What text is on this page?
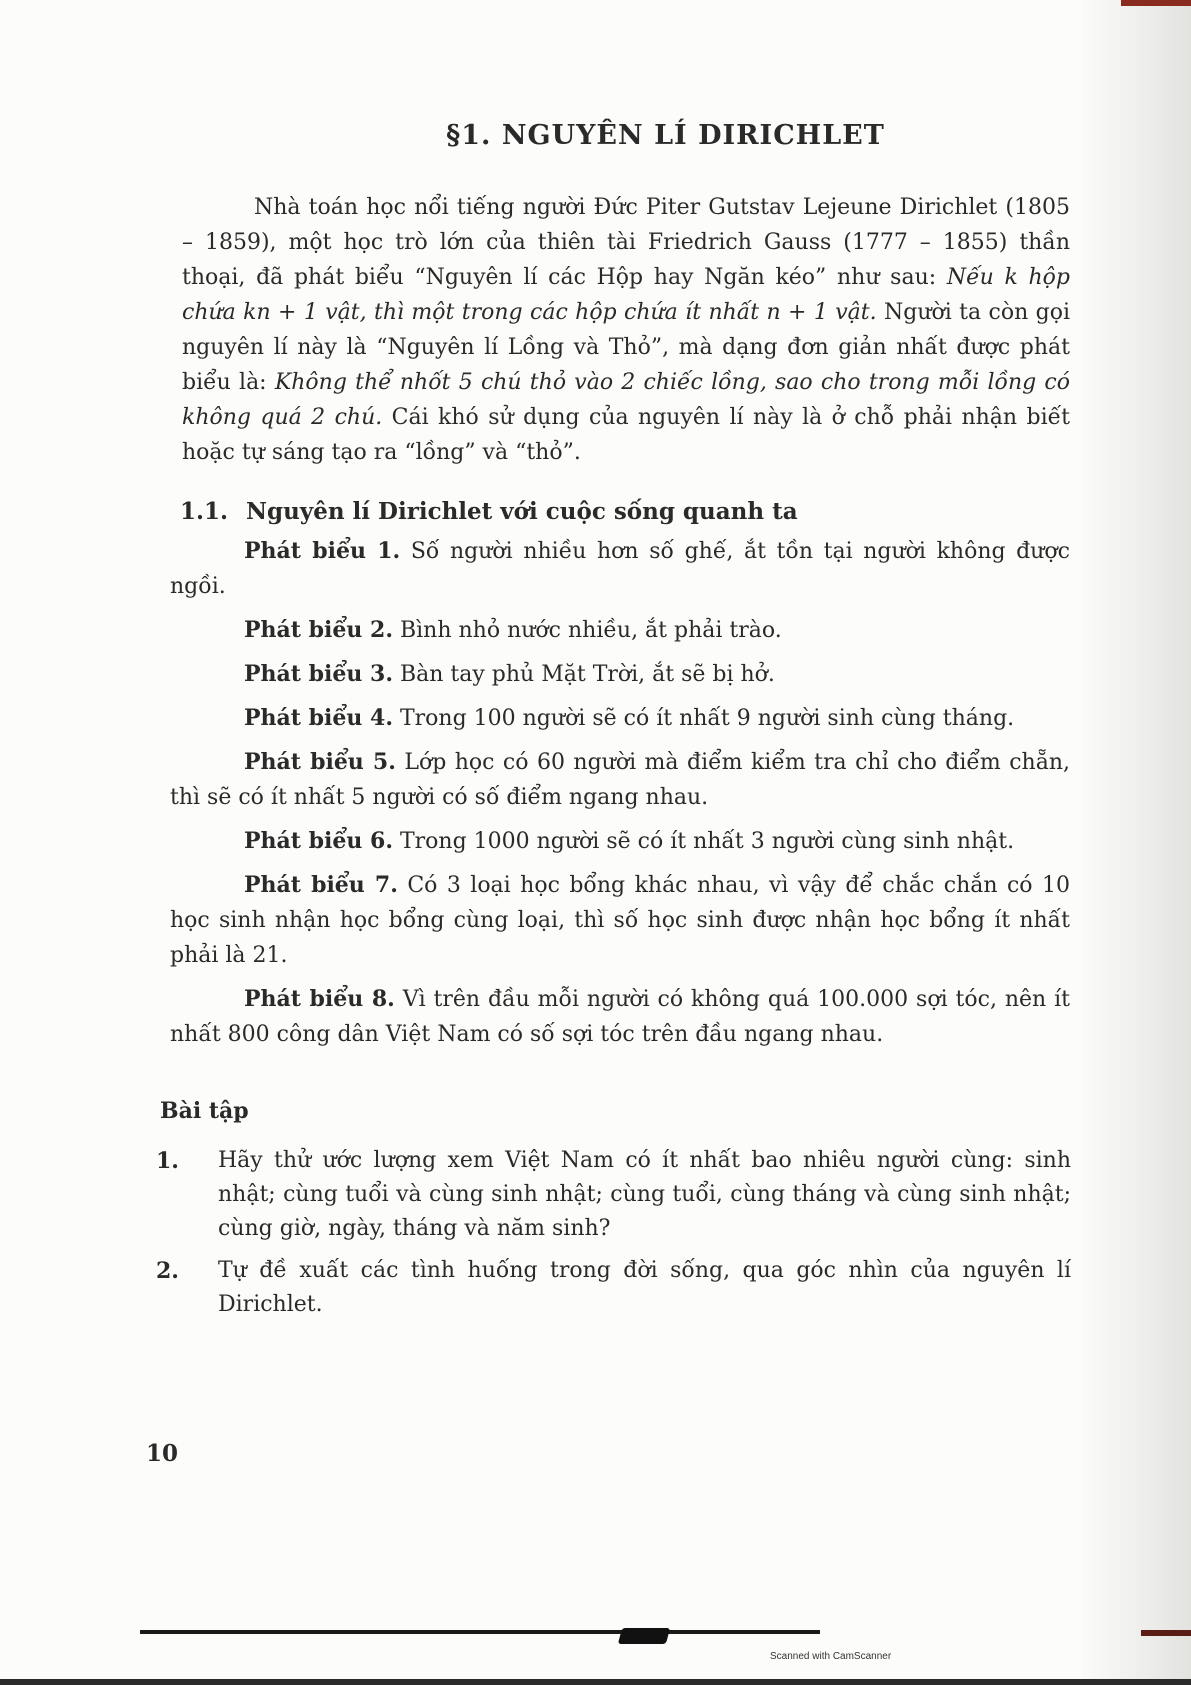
§1. NGUYÊN LÍ DIRICHLET

Nhà toán học nổi tiếng người Đức Piter Gutstav Lejeune Dirichlet (1805 – 1859), một học trò lớn của thiên tài Friedrich Gauss (1777 – 1855) thần thoại, đã phát biểu “Nguyên lí các Hộp hay Ngăn kéo” như sau: Nếu k hộp chứa kn + 1 vật, thì một trong các hộp chứa ít nhất n + 1 vật. Người ta còn gọi nguyên lí này là “Nguyên lí Lồng và Thỏ”, mà dạng đơn giản nhất được phát biểu là: Không thể nhốt 5 chú thỏ vào 2 chiếc lồng, sao cho trong mỗi lồng có không quá 2 chú. Cái khó sử dụng của nguyên lí này là ở chỗ phải nhận biết hoặc tự sáng tạo ra “lồng” và “thỏ”.

1.1. Nguyên lí Dirichlet với cuộc sống quanh ta

Phát biểu 1. Số người nhiều hơn số ghế, ắt tồn tại người không được ngồi.

Phát biểu 2. Bình nhỏ nước nhiều, ắt phải trào.

Phát biểu 3. Bàn tay phủ Mặt Trời, ắt sẽ bị hở.

Phát biểu 4. Trong 100 người sẽ có ít nhất 9 người sinh cùng tháng.

Phát biểu 5. Lớp học có 60 người mà điểm kiểm tra chỉ cho điểm chẵn, thì sẽ có ít nhất 5 người có số điểm ngang nhau.

Phát biểu 6. Trong 1000 người sẽ có ít nhất 3 người cùng sinh nhật.

Phát biểu 7. Có 3 loại học bổng khác nhau, vì vậy để chắc chắn có 10 học sinh nhận học bổng cùng loại, thì số học sinh được nhận học bổng ít nhất phải là 21.

Phát biểu 8. Vì trên đầu mỗi người có không quá 100.000 sợi tóc, nên ít nhất 800 công dân Việt Nam có số sợi tóc trên đầu ngang nhau.

Bài tập
1.	Hãy thử ước lượng xem Việt Nam có ít nhất bao nhiêu người cùng: sinh nhật; cùng tuổi và cùng sinh nhật; cùng tuổi, cùng tháng và cùng sinh nhật; cùng giờ, ngày, tháng và năm sinh?
2.	Tự đề xuất các tình huống trong đời sống, qua góc nhìn của nguyên lí Dirichlet.
10
Scanned with CamScanner
